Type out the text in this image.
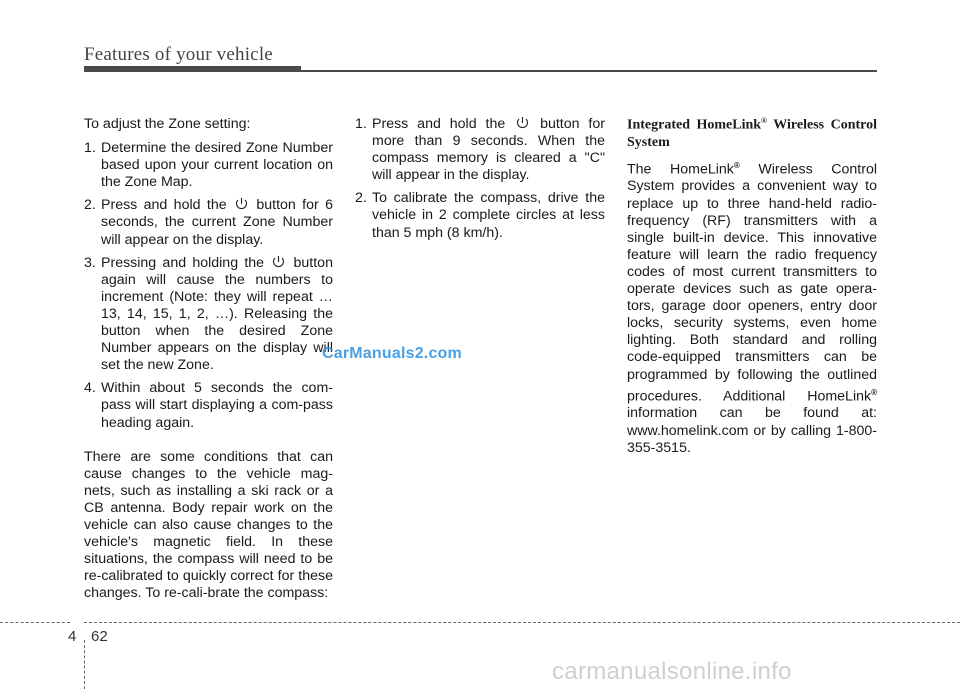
Features of your vehicle
To adjust the Zone setting:
1. Determine the desired Zone Number based upon your current location on the Zone Map.
2. Press and hold the button for 6 seconds, the current Zone Number will appear on the display.
3. Pressing and holding the button again will cause the numbers to increment (Note: they will repeat …13, 14, 15, 1, 2, …). Releasing the button when the desired Zone Number appears on the display will set the new Zone.
4. Within about 5 seconds the com-pass will start displaying a com-pass heading again.
There are some conditions that can cause changes to the vehicle mag-nets, such as installing a ski rack or a CB antenna. Body repair work on the vehicle can also cause changes to the vehicle's magnetic field. In these situations, the compass will need to be re-calibrated to quickly correct for these changes. To re-cali-brate the compass:
1. Press and hold the button for more than 9 seconds. When the compass memory is cleared a "C" will appear in the display.
2. To calibrate the compass, drive the vehicle in 2 complete circles at less than 5 mph (8 km/h).
Integrated HomeLink® Wireless Control System
The HomeLink® Wireless Control System provides a convenient way to replace up to three hand-held radio-frequency (RF) transmitters with a single built-in device. This innovative feature will learn the radio frequency codes of most current transmitters to operate devices such as gate opera-tors, garage door openers, entry door locks, security systems, even home lighting. Both standard and rolling code-equipped transmitters can be programmed by following the outlined procedures. Additional HomeLink® information can be found at: www.homelink.com or by calling 1-800-355-3515.
CarManuals2.com
4 62
carmanualsonline.info
